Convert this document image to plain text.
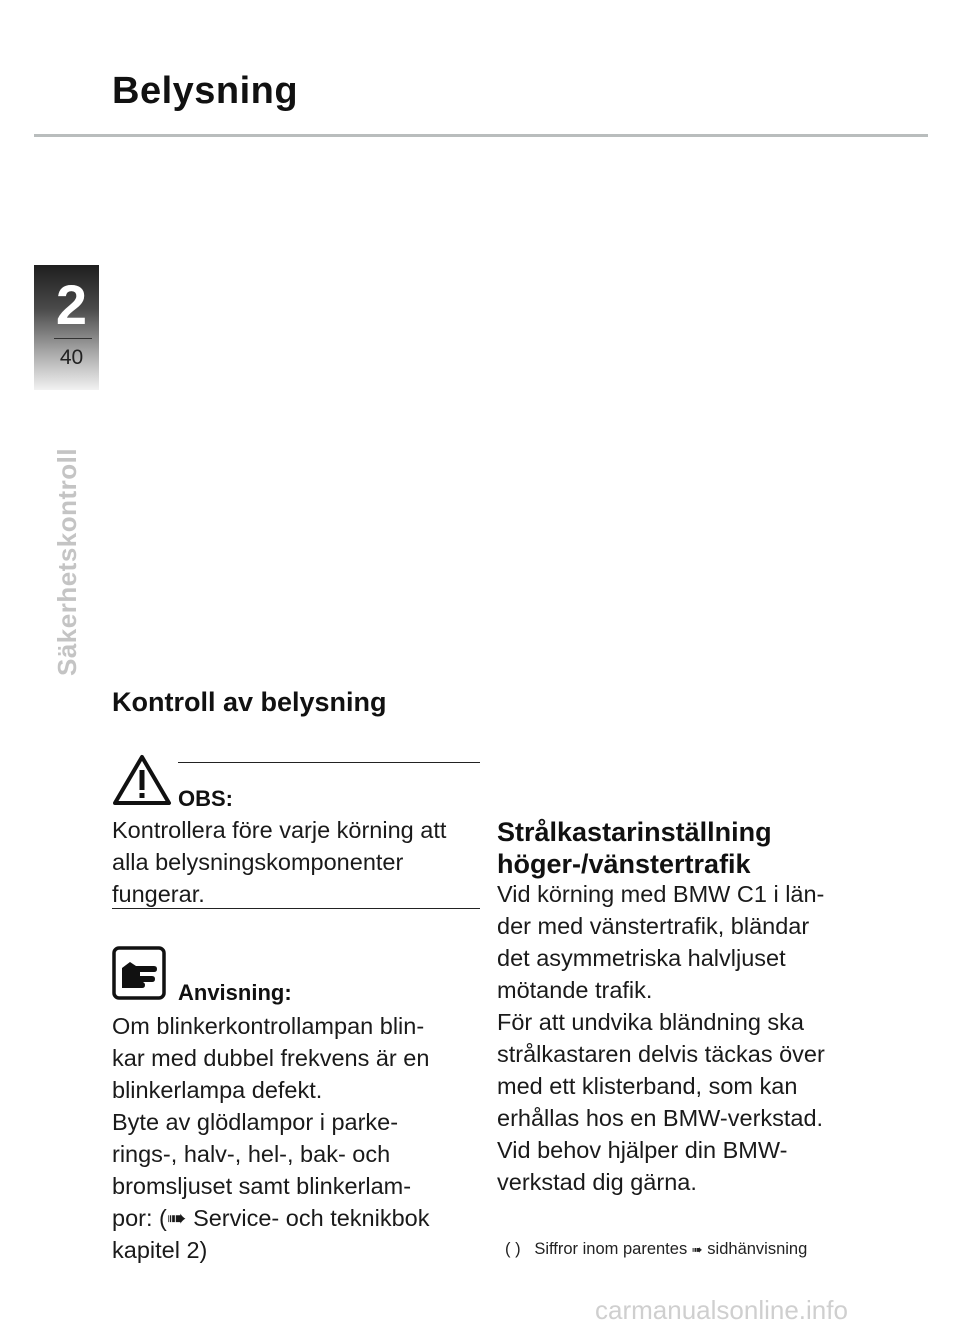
Belysning
2
40
Säkerhetskontroll
Kontroll av belysning
OBS:
Kontrollera före varje körning att
alla belysningskomponenter
fungerar.
Anvisning:
Om blinkerkontrollampan blin-
kar med dubbel frekvens är en
blinkerlampa defekt.
Byte av glödlampor i parke-
rings-, halv-, hel-, bak- och
bromsljuset samt blinkerlam-
por: (➠ Service- och teknikbok
kapitel 2)
Strålkastarinställning
höger-/vänstertrafik
Vid körning med BMW C1 i län-
der med vänstertrafik, bländar
det asymmetriska halvljuset
mötande trafik.
För att undvika bländning ska
strålkastaren delvis täckas över
med ett klisterband, som kan
erhållas hos en BMW-verkstad.
Vid behov hjälper din BMW-
verkstad dig gärna.
( ) Siffror inom parentes ➠ sidhänvisning
carmanualsonline.info
